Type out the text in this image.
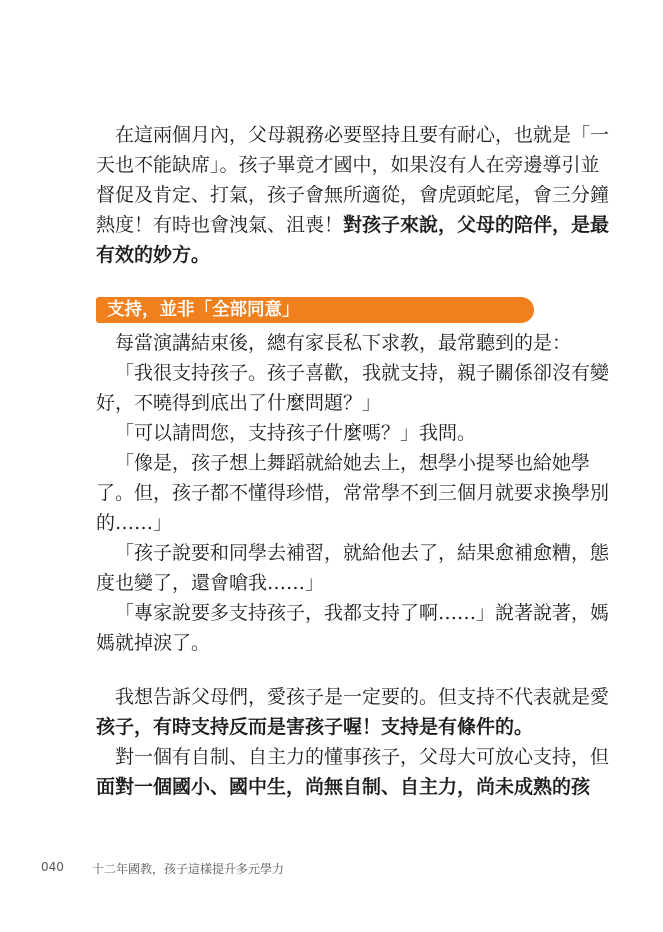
在這兩個月內，父母親務必要堅持且要有耐心，也就是「一
天也不能缺席」。孩子畢竟才國中，如果沒有人在旁邊導引並
督促及肯定、打氣，孩子會無所適從，會虎頭蛇尾，會三分鐘
熱度！有時也會洩氣、沮喪！對孩子來說，父母的陪伴，是最
有效的妙方。
支持，並非「全部同意」
每當演講結束後，總有家長私下求教，最常聽到的是：
「我很支持孩子。孩子喜歡，我就支持，親子關係卻沒有變
好，不曉得到底出了什麼問題？」
「可以請問您，支持孩子什麼嗎？」我問。
「像是，孩子想上舞蹈就給她去上，想學小提琴也給她學
了。但，孩子都不懂得珍惜，常常學不到三個月就要求換學別
的……」
「孩子說要和同學去補習，就給他去了，結果愈補愈糟，態
度也變了，還會嗆我……」
「專家說要多支持孩子，我都支持了啊……」說著說著，媽
媽就掉淚了。
我想告訴父母們，愛孩子是一定要的。但支持不代表就是愛
孩子，有時支持反而是害孩子喔！支持是有條件的。
對一個有自制、自主力的懂事孩子，父母大可放心支持，但
面對一個國小、國中生，尚無自制、自主力，尚未成熟的孩
040 十二年國教，孩子這樣提升多元學力
